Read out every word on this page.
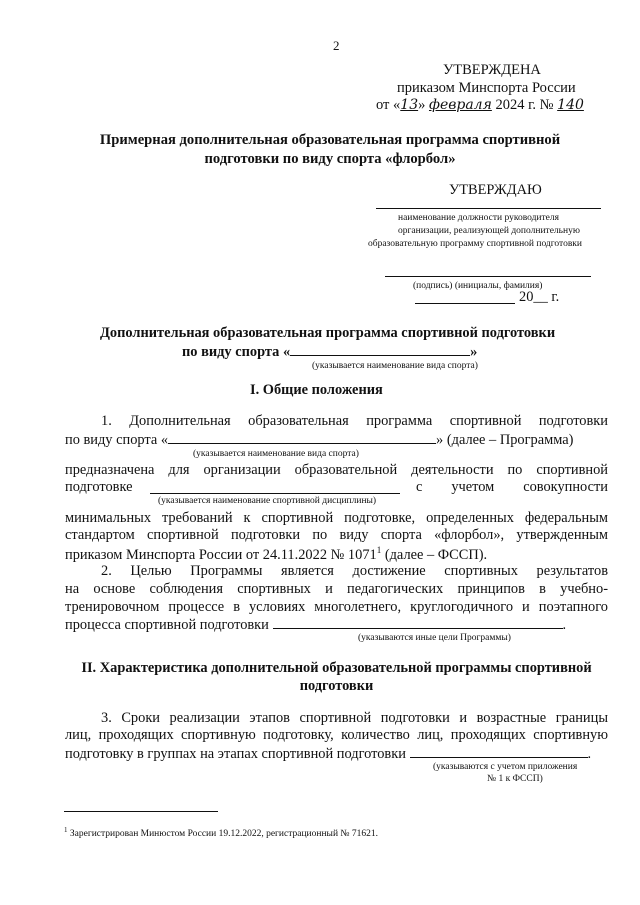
2
УТВЕРЖДЕНА
приказом Минспорта России
от «13» февраля 2024 г. № 140
Примерная дополнительная образовательная программа спортивной
подготовки по виду спорта «флорбол»
УТВЕРЖДАЮ
наименование должности руководителя
организации, реализующей дополнительную
образовательную программу спортивной подготовки
(подпись) (инициалы, фамилия)
20__ г.
Дополнительная образовательная программа спортивной подготовки
по виду спорта «	»
(указывается наименование вида спорта)
I. Общие положения
1. Дополнительная образовательная программа спортивной подготовки
по виду спорта «	» (далее – Программа)
(указывается наименование вида спорта)
предназначена для организации образовательной деятельности по спортивной
подготовке	с учетом совокупности
(указывается наименование спортивной дисциплины)
минимальных требований к спортивной подготовке, определенных федеральным
стандартом спортивной подготовки по виду спорта «флорбол», утвержденным
приказом Минспорта России от 24.11.2022 № 1071$^1$ (далее – ФССП).
2. Целью Программы является достижение спортивных результатов
на основе соблюдения спортивных и педагогических принципов в учебно-
тренировочном процессе в условиях многолетнего, круглогодичного и поэтапного
процесса спортивной подготовки	.
(указываются иные цели Программы)
II. Характеристика дополнительной образовательной программы спортивной
подготовки
3. Сроки реализации этапов спортивной подготовки и возрастные границы
лиц, проходящих спортивную подготовку, количество лиц, проходящих спортивную
подготовку в группах на этапах спортивной подготовки	.
(указываются с учетом приложения
№ 1 к ФССП)
$^1$ Зарегистрирован Минюстом России 19.12.2022, регистрационный № 71621.
